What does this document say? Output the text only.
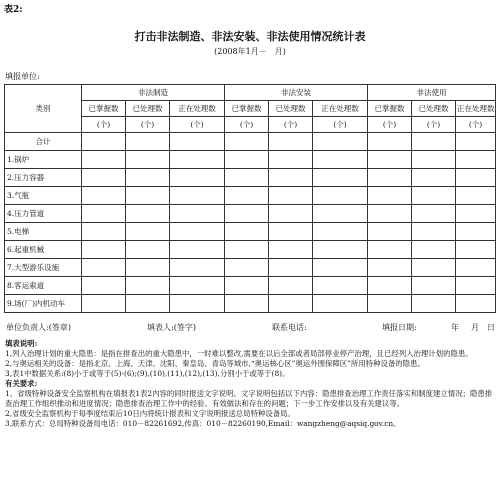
表2:
打击非法制造、非法安装、非法使用情况统计表
(2008年1月－　月)
填报单位:
类别	非法制造			非法安装			非法使用		
	已掌握数	已处理数	正在处理数	已掌握数	已处理数	正在处理数	已掌握数	已处理数	正在处理数
	(个)	(个)	(个)	(个)	(个)	(个)	(个)	(个)	(个)
合计									
1.锅炉									
2.压力容器									
3.气瓶									
4.压力管道									
5.电梯									
6.起重机械									
7.大型游乐设施									
8.客运索道									
9.场(厂)内机动车									
单位负责人:(签章)	填表人:(签字)	联系电话:	填报日期:	年 月 日
填表说明:
1,列入治理计划的重大隐患：是指在排查出的重大隐患中，一时难以整改,需要在以后全部或者局部停业停产治理，且已经列入治理计划的隐患。
2,与奥运相关的设备：是指北京、上海、天津、沈阳、秦皇岛、青岛等城市,“奥运核心区”奥运外围保障区”所用特种设备的隐患。
3,表1中数据关系:(8)小于或等于(5)-(6);(9),(10),(11),(12),(13),分别小于或等于(8)。
有关要求:
1、省级特种设备安全监察机构在填报表1表2内容的同时报送文字说明。文字说明包括以下内容：隐患排查治理工作责任落实和制度建立情况；隐患排查治理工作组织推动和进度情况；隐患排查治理工作中的经验、有效做法和存在的问题；下一步工作安排以及有关建议等。
2,省级安全监察机构于每季度结束后10日内将统计报表和文字说明报送总局特种设备局。
3,联系方式：总局特种设备局电话：010－82261692,传真：010－82260190,Email：wangzheng@aqsiq.gov.cn。
